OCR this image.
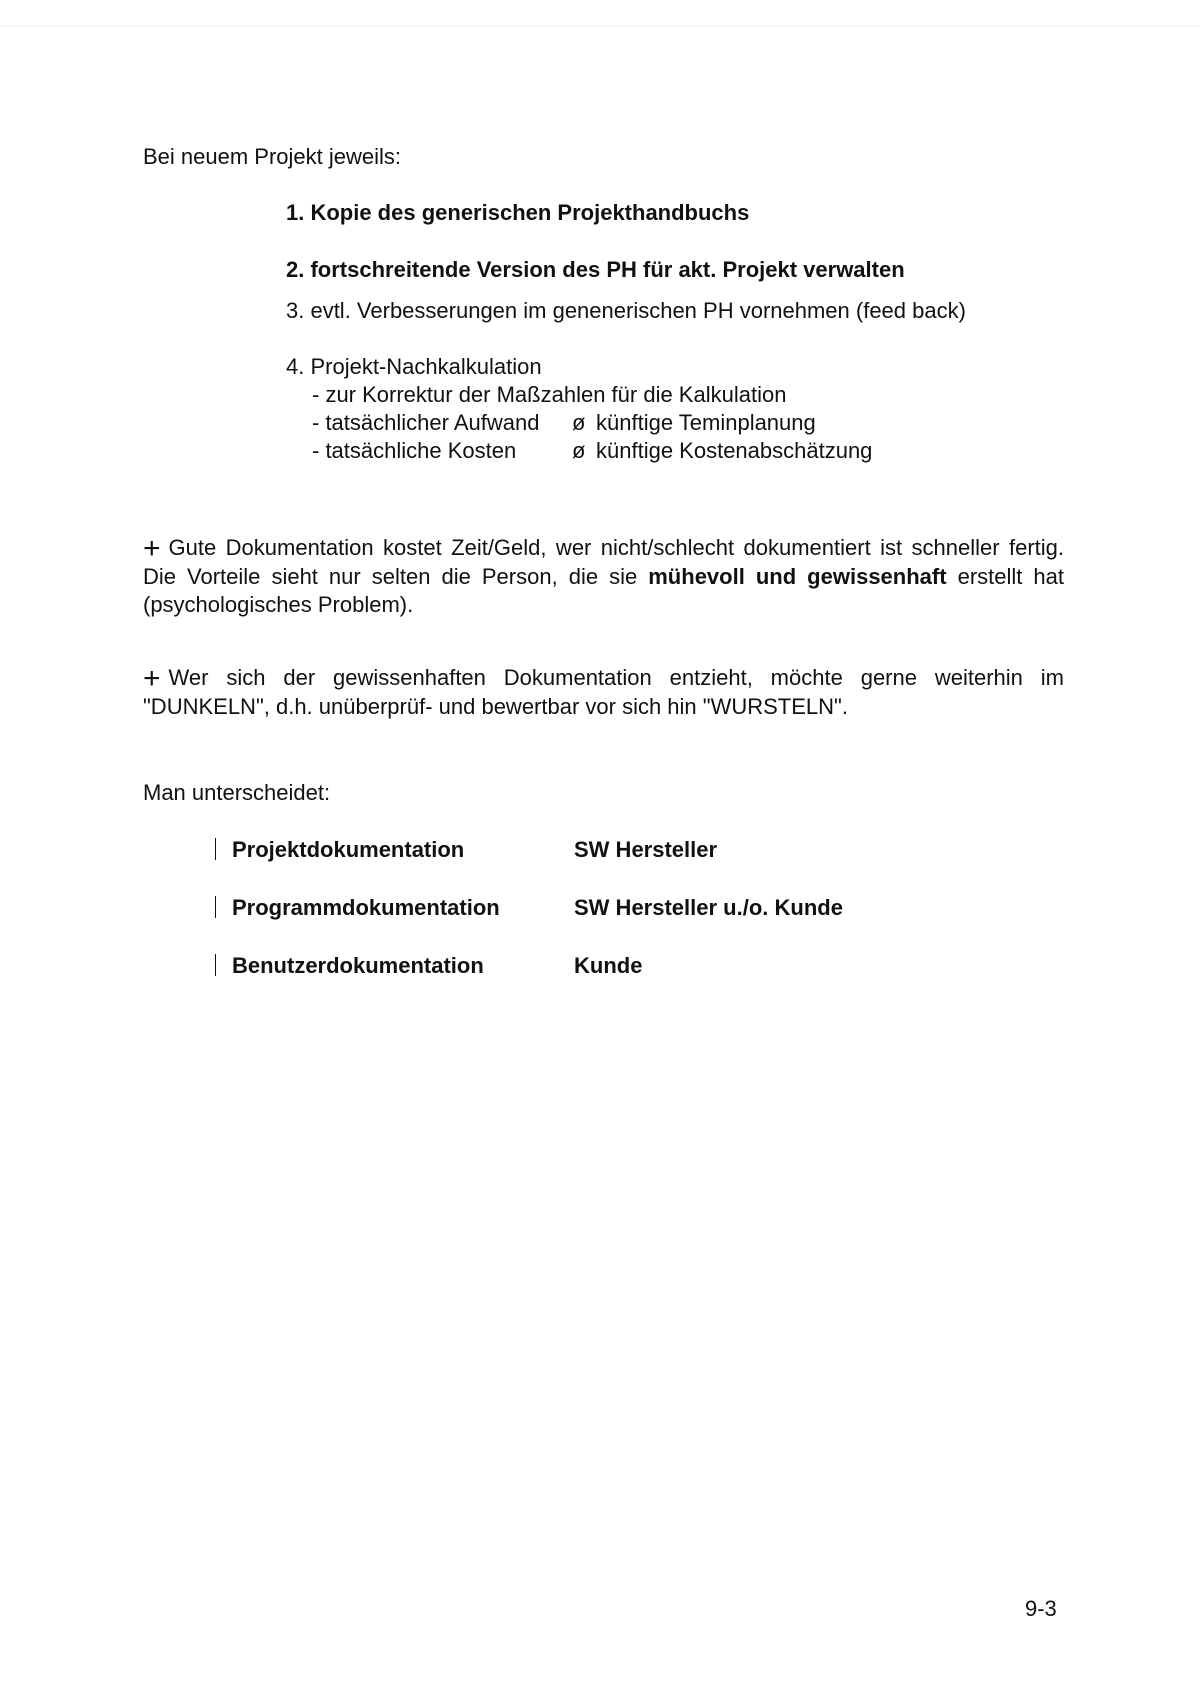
Bei neuem Projekt jeweils:
1. Kopie des generischen Projekthandbuchs
2. fortschreitende Version des PH für akt. Projekt verwalten
3. evtl. Verbesserungen im genenerischen PH vornehmen (feed back)
4. Projekt-Nachkalkulation
- zur Korrektur der Maßzahlen für die Kalkulation
- tatsächlicher Aufwand ø künftige Teminplanung
- tatsächliche Kosten	ø künftige Kostenabschätzung
+ Gute Dokumentation kostet Zeit/Geld, wer nicht/schlecht dokumentiert ist schneller fertig. Die Vorteile sieht nur selten die Person, die sie mühevoll und gewissenhaft erstellt hat (psychologisches Problem).
+ Wer sich der gewissenhaften Dokumentation entzieht, möchte gerne weiterhin im "DUNKELN", d.h. unüberprüf- und bewertbar vor sich hin "WURSTELN".
Man unterscheidet:
Projektdokumentation	SW Hersteller
Programmdokumentation	SW Hersteller u./o. Kunde
Benutzerdokumentation	Kunde
9-3
